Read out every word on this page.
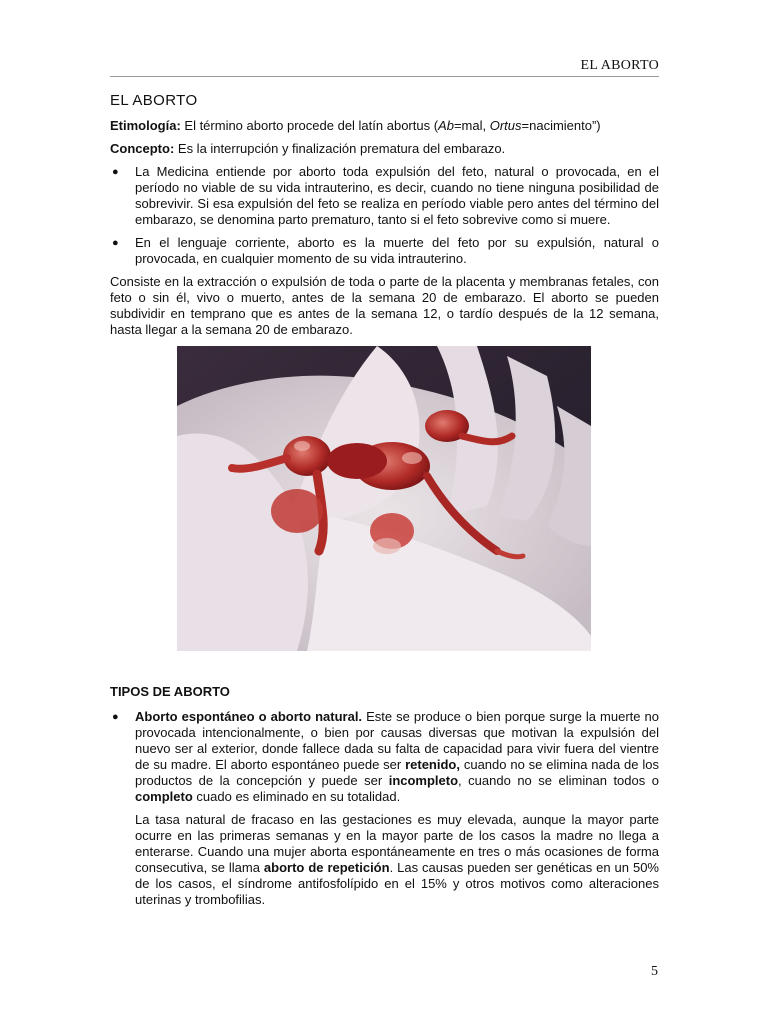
EL ABORTO
EL ABORTO

Etimología: El término aborto procede del latín abortus (Ab=mal, Ortus=nacimiento”)

Concepto: Es la interrupción y finalización prematura del embarazo.

● La Medicina entiende por aborto toda expulsión del feto, natural o provocada, en el período no viable de su vida intrauterino, es decir, cuando no tiene ninguna posibilidad de sobrevivir. Si esa expulsión del feto se realiza en período viable pero antes del término del embarazo, se denomina parto prematuro, tanto si el feto sobrevive como si muere.
● En el lenguaje corriente, aborto es la muerte del feto por su expulsión, natural o provocada, en cualquier momento de su vida intrauterino.

Consiste en la extracción o expulsión de toda o parte de la placenta y membranas fetales, con feto o sin él, vivo o muerto, antes de la semana 20 de embarazo. El aborto se pueden subdividir en temprano que es antes de la semana 12, o tardío después de la 12 semana, hasta llegar a la semana 20 de embarazo.

TIPOS DE ABORTO

● Aborto espontáneo o aborto natural. Este se produce o bien porque surge la muerte no provocada intencionalmente, o bien por causas diversas que motivan la expulsión del nuevo ser al exterior, donde fallece dada su falta de capacidad para vivir fuera del vientre de su madre. El aborto espontáneo puede ser retenido, cuando no se elimina nada de los productos de la concepción y puede ser incompleto, cuando no se eliminan todos o completo cuado es eliminado en su totalidad.

La tasa natural de fracaso en las gestaciones es muy elevada, aunque la mayor parte ocurre en las primeras semanas y en la mayor parte de los casos la madre no llega a enterarse. Cuando una mujer aborta espontáneamente en tres o más ocasiones de forma consecutiva, se llama aborto de repetición. Las causas pueden ser genéticas en un 50% de los casos, el síndrome antifosfolípido en el 15% y otros motivos como alteraciones uterinas y trombofilias.

5
